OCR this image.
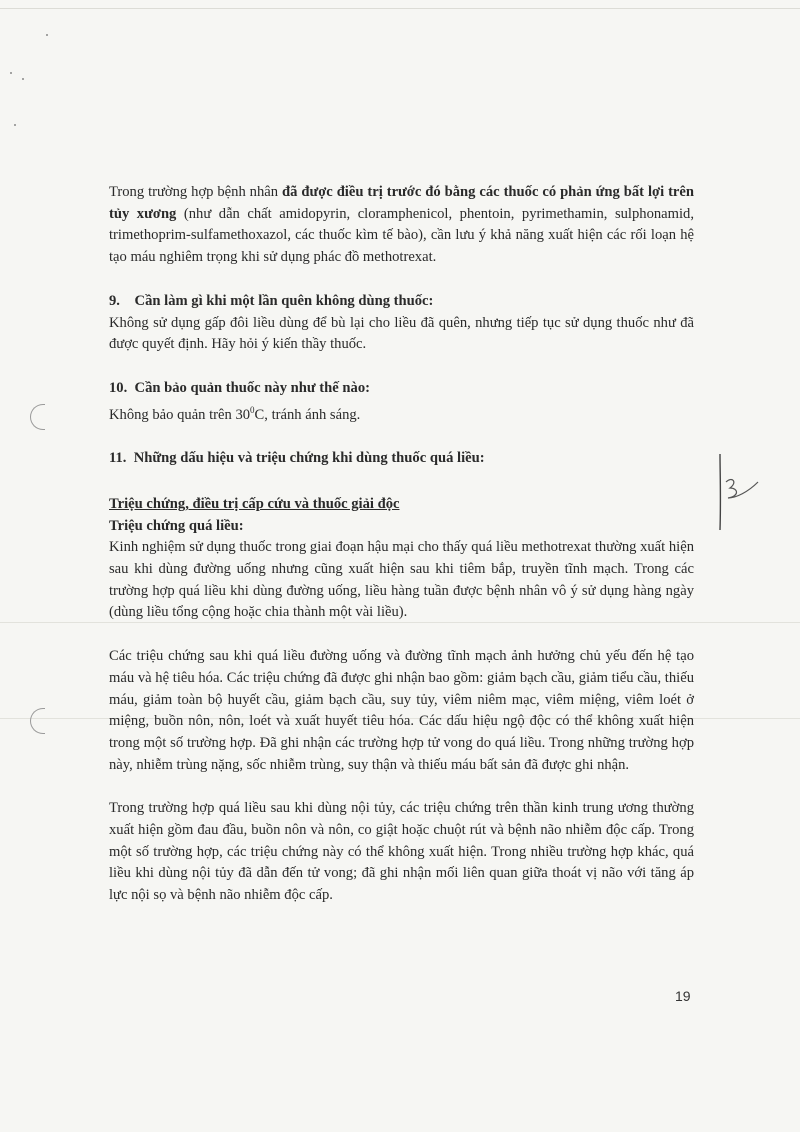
Trong trường hợp bệnh nhân đã được điều trị trước đó bằng các thuốc có phản ứng bất lợi trên tủy xương (như dẫn chất amidopyrin, cloramphenicol, phentoin, pyrimethamin, sulphonamid, trimethoprim-sulfamethoxazol, các thuốc kìm tế bào), cần lưu ý khả năng xuất hiện các rối loạn hệ tạo máu nghiêm trọng khi sử dụng phác đồ methotrexat.

9.    Cần làm gì khi một lần quên không dùng thuốc:

Không sử dụng gấp đôi liều dùng để bù lại cho liều đã quên, nhưng tiếp tục sử dụng thuốc như đã được quyết định. Hãy hỏi ý kiến thầy thuốc.

10.  Cần bảo quản thuốc này như thế nào:

Không bảo quản trên $30^0C$, tránh ánh sáng.

11.  Những dấu hiệu và triệu chứng khi dùng thuốc quá liều:

Triệu chứng, điều trị cấp cứu và thuốc giải độc

Triệu chứng quá liều:

Kinh nghiệm sử dụng thuốc trong giai đoạn hậu mại cho thấy quá liều methotrexat thường xuất hiện sau khi dùng đường uống nhưng cũng xuất hiện sau khi tiêm bắp, truyền tĩnh mạch. Trong các trường hợp quá liều khi dùng đường uống, liều hàng tuần được bệnh nhân vô ý sử dụng hàng ngày (dùng liều tổng cộng hoặc chia thành một vài liều).

Các triệu chứng sau khi quá liều đường uống và đường tĩnh mạch ảnh hưởng chủ yếu đến hệ tạo máu và hệ tiêu hóa. Các triệu chứng đã được ghi nhận bao gồm: giảm bạch cầu, giảm tiểu cầu, thiếu máu, giảm toàn bộ huyết cầu, giảm bạch cầu, suy tủy, viêm niêm mạc, viêm miệng, viêm loét ở miệng, buồn nôn, nôn, loét và xuất huyết tiêu hóa. Các dấu hiệu ngộ độc có thể không xuất hiện trong một số trường hợp. Đã ghi nhận các trường hợp tử vong do quá liều. Trong những trường hợp này, nhiễm trùng nặng, sốc nhiễm trùng, suy thận và thiếu máu bất sản đã được ghi nhận.

Trong trường hợp quá liều sau khi dùng nội tủy, các triệu chứng trên thần kinh trung ương thường xuất hiện gồm đau đầu, buồn nôn và nôn, co giật hoặc chuột rút và bệnh não nhiễm độc cấp. Trong một số trường hợp, các triệu chứng này có thể không xuất hiện. Trong nhiều trường hợp khác, quá liều khi dùng nội tủy đã dẫn đến tử vong; đã ghi nhận mối liên quan giữa thoát vị não với tăng áp lực nội sọ và bệnh não nhiễm độc cấp.

19
